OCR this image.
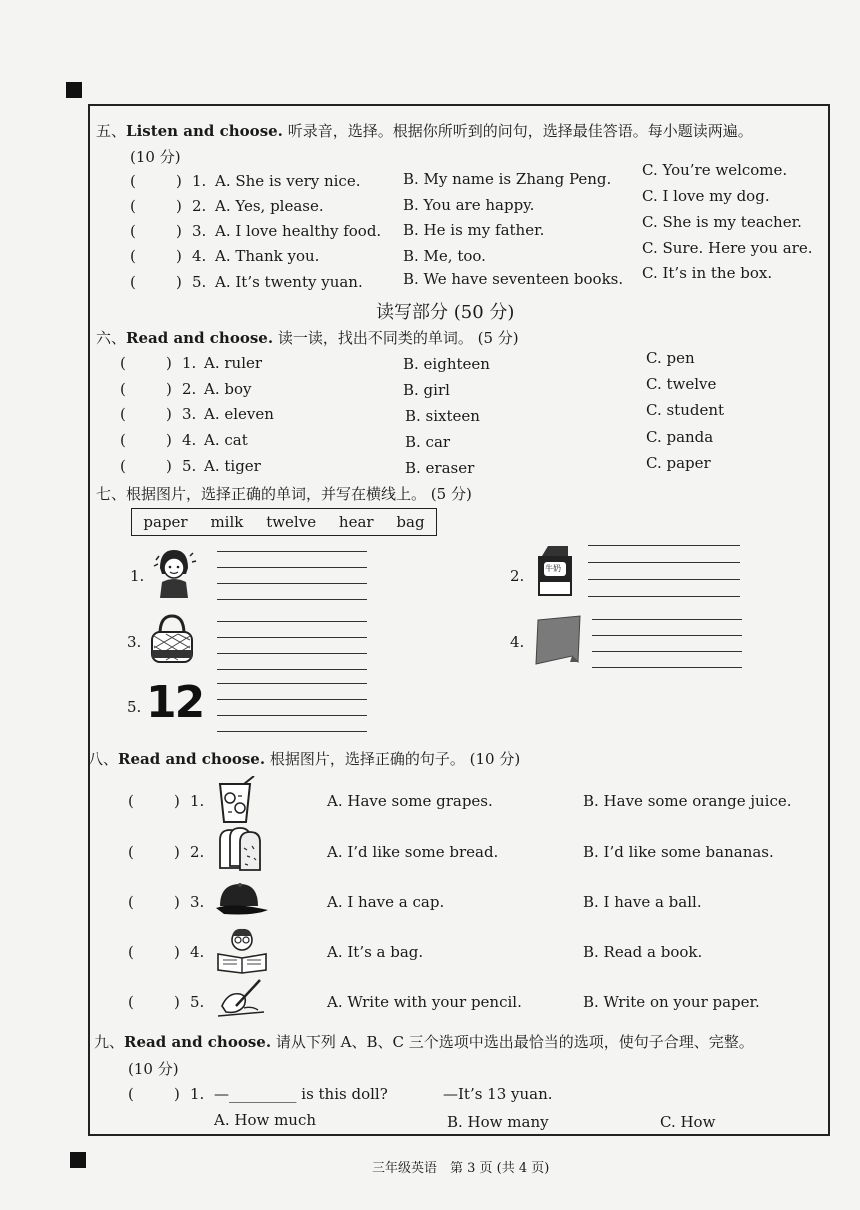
五、Listen and choose. 听录音，选择。根据你所听到的问句，选择最佳答语。每小题读两遍。
(10 分)
(	) 1. A. She is very nice.	B. My name is Zhang Peng. C. You’re welcome.
(	) 2. A. Yes, please.	B. You are happy.	C. I love my dog.
(	) 3. A. I love healthy food. B. He is my father.	C. She is my teacher.
(	) 4. A. Thank you.	B. Me, too.	C. Sure. Here you are.
(	) 5. A. It’s twenty yuan.	B. We have seventeen books. C. It’s in the box.
读写部分 (50 分)
六、Read and choose. 读一读，找出不同类的单词。 (5 分)
(	) 1. A. ruler	B. eighteen	C. pen
(	) 2. A. boy	B. girl	C. twelve
(	) 3. A. eleven	B. sixteen	C. student
(	) 4. A. cat	B. car	C. panda
(	) 5. A. tiger	B. eraser	C. paper
七、根据图片，选择正确的单词，并写在横线上。 (5 分)
paper milk twelve hear bag
1.	2.	牛奶
3.	4.
5. 12
八、Read and choose. 根据图片，选择正确的句子。 (10 分)
(	) 1.	A. Have some grapes.	B. Have some orange juice.
(	) 2.	A. I’d like some bread.	B. I’d like some bananas.
(	) 3.	A. I have a cap.	B. I have a ball.
(	) 4.	A. It’s a bag.	B. Read a book.
(	) 5.	A. Write with your pencil.	B. Write on your paper.
九、Read and choose. 请从下列 A、B、C 三个选项中选出最恰当的选项，使句子合理、完整。
(10 分)
(	) 1. —_________ is this doll?	—It’s 13 yuan.
A. How much	B. How many	C. How
三年级英语　第 3 页 (共 4 页)
